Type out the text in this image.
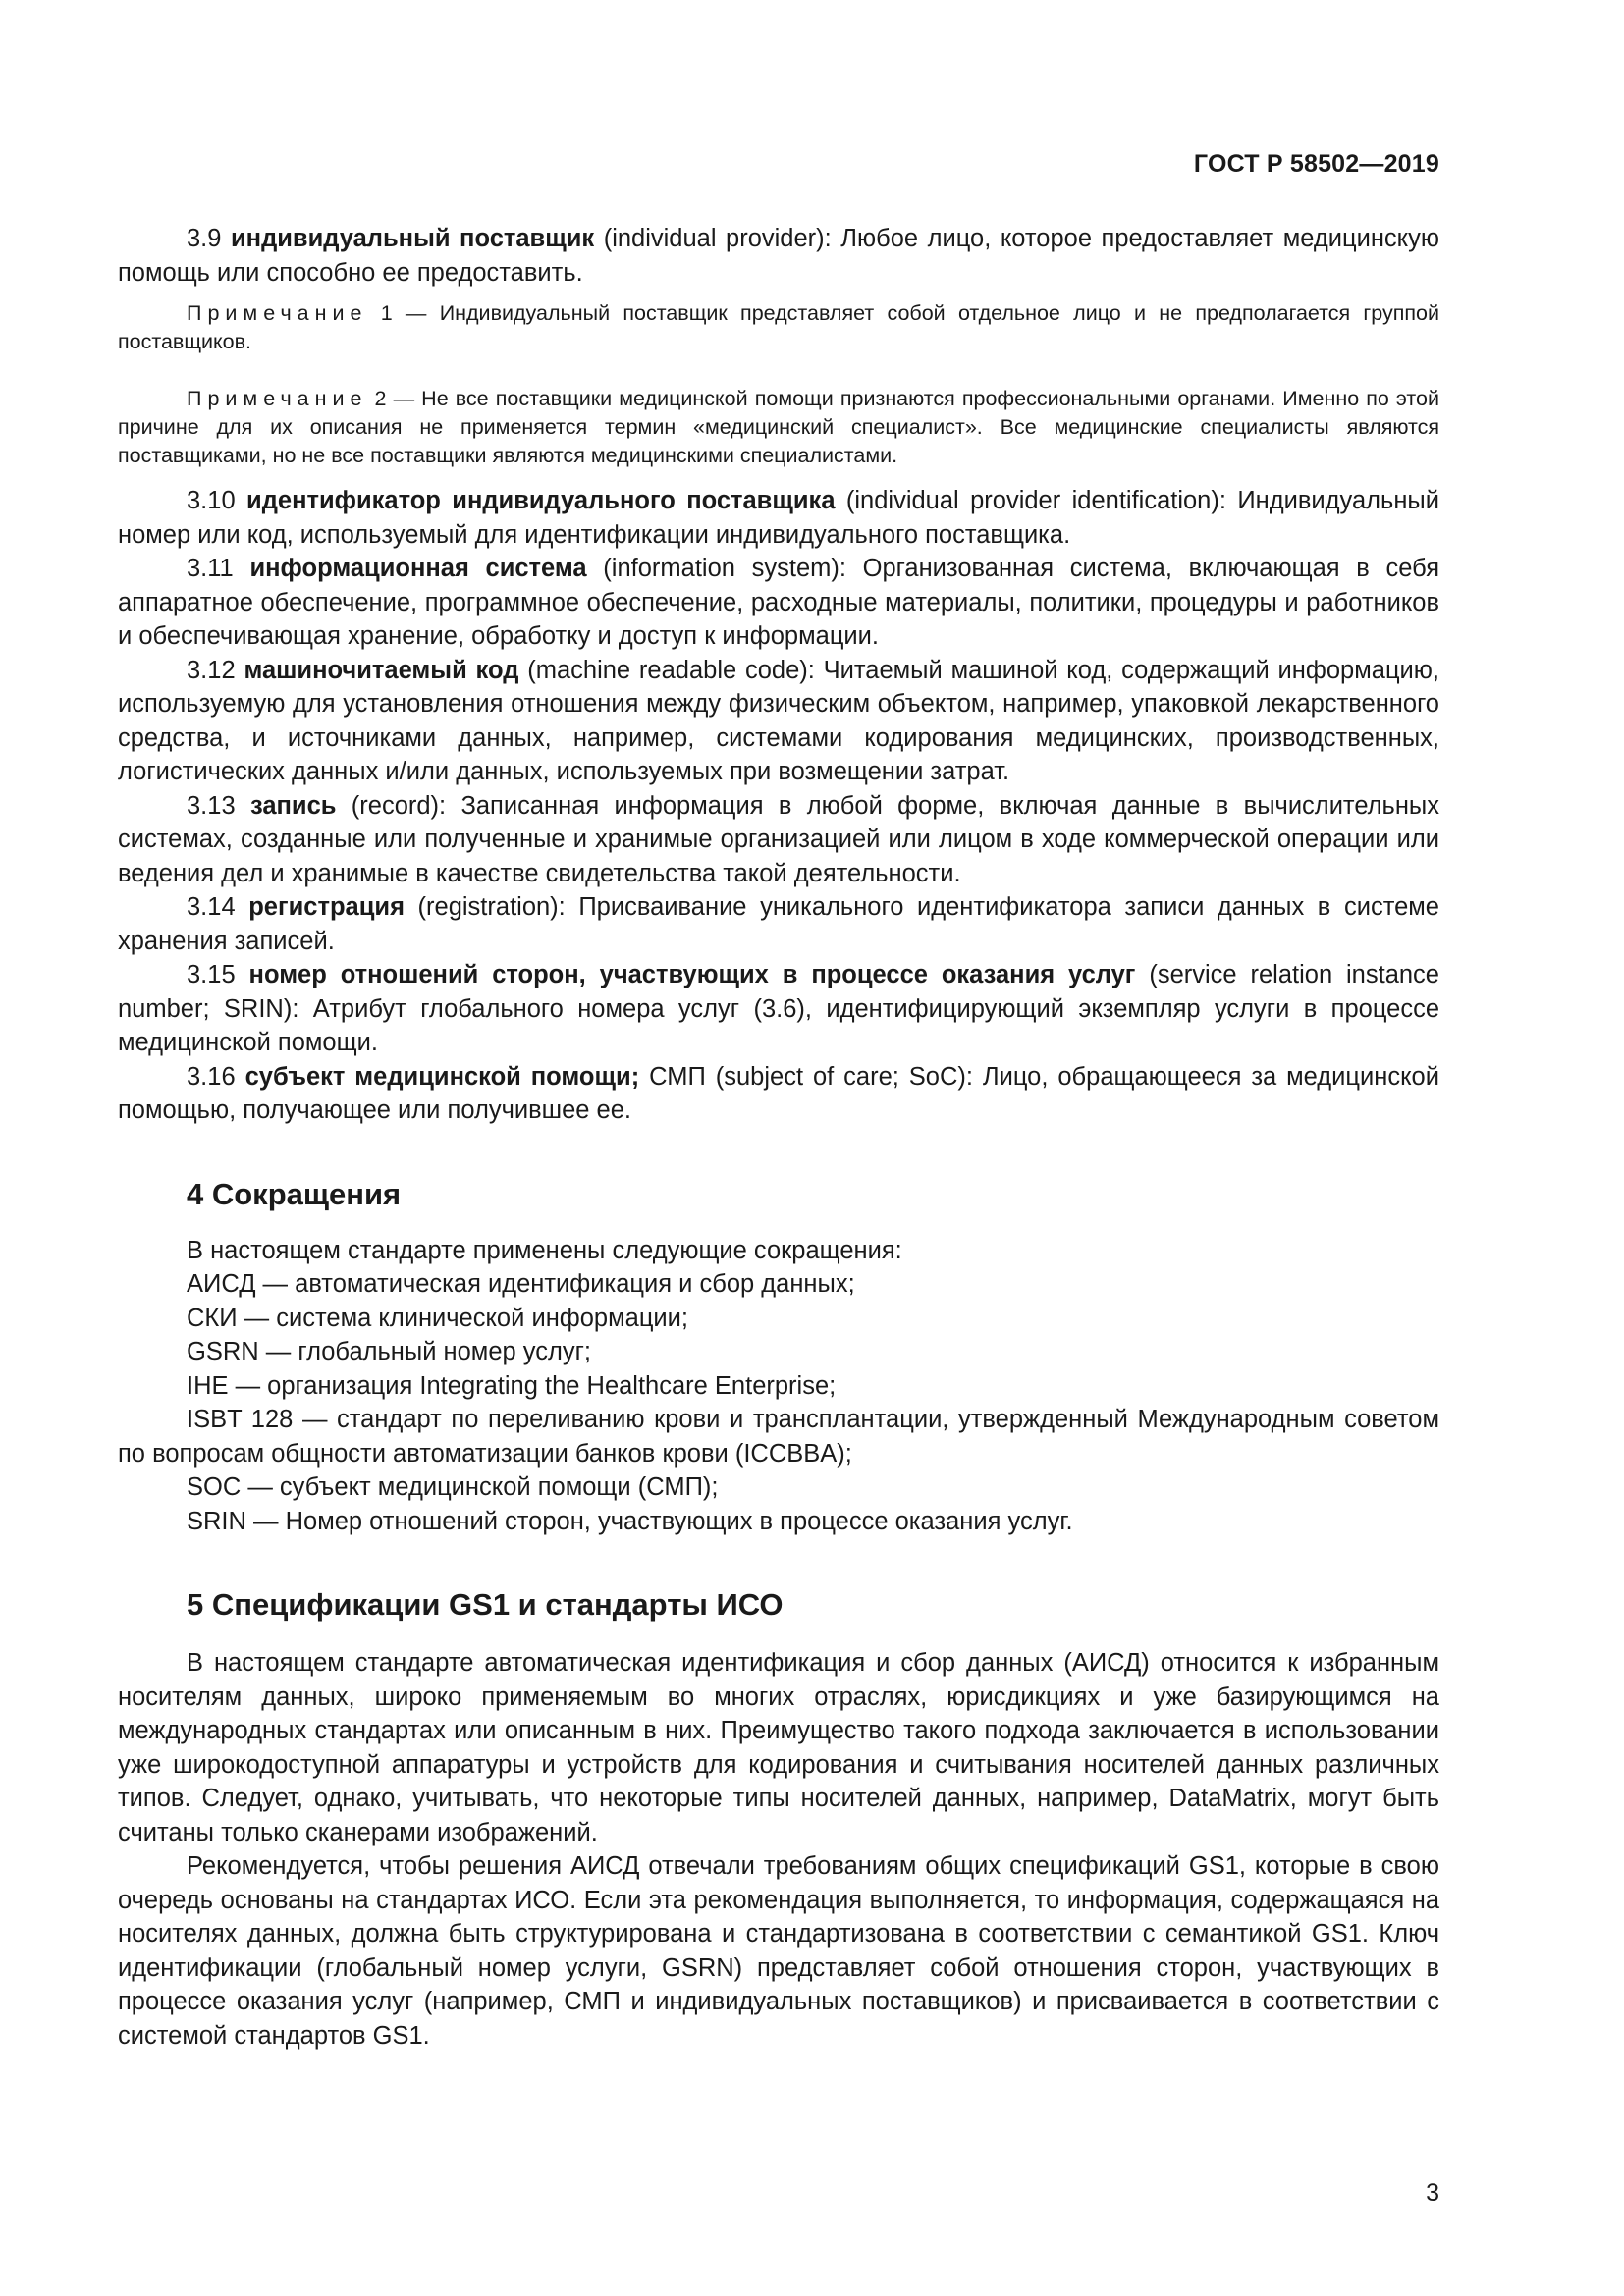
ГОСТ Р 58502—2019

3.9 индивидуальный поставщик (individual provider): Любое лицо, которое предоставляет медицинскую помощь или способно ее предоставить.

Примечание 1 — Индивидуальный поставщик представляет собой отдельное лицо и не предполагается группой поставщиков.

Примечание 2 — Не все поставщики медицинской помощи признаются профессиональными органами. Именно по этой причине для их описания не применяется термин «медицинский специалист». Все медицинские специалисты являются поставщиками, но не все поставщики являются медицинскими специалистами.

3.10 идентификатор индивидуального поставщика (individual provider identification): Индивидуальный номер или код, используемый для идентификации индивидуального поставщика.

3.11 информационная система (information system): Организованная система, включающая в себя аппаратное обеспечение, программное обеспечение, расходные материалы, политики, процедуры и работников и обеспечивающая хранение, обработку и доступ к информации.

3.12 машиночитаемый код (machine readable code): Читаемый машиной код, содержащий информацию, используемую для установления отношения между физическим объектом, например, упаковкой лекарственного средства, и источниками данных, например, системами кодирования медицинских, производственных, логистических данных и/или данных, используемых при возмещении затрат.

3.13 запись (record): Записанная информация в любой форме, включая данные в вычислительных системах, созданные или полученные и хранимые организацией или лицом в ходе коммерческой операции или ведения дел и хранимые в качестве свидетельства такой деятельности.

3.14 регистрация (registration): Присваивание уникального идентификатора записи данных в системе хранения записей.

3.15 номер отношений сторон, участвующих в процессе оказания услуг (service relation instance number; SRIN): Атрибут глобального номера услуг (3.6), идентифицирующий экземпляр услуги в процессе медицинской помощи.

3.16 субъект медицинской помощи; СМП (subject of care; SoC): Лицо, обращающееся за медицинской помощью, получающее или получившее ее.

4 Сокращения

В настоящем стандарте применены следующие сокращения:

АИСД — автоматическая идентификация и сбор данных;

СКИ — система клинической информации;

GSRN — глобальный номер услуг;

IHE — организация Integrating the Healthcare Enterprise;

ISBT 128 — стандарт по переливанию крови и трансплантации, утвержденный Международным советом по вопросам общности автоматизации банков крови (ICCBBA);

SOC — субъект медицинской помощи (СМП);

SRIN — Номер отношений сторон, участвующих в процессе оказания услуг.

5 Спецификации GS1 и стандарты ИСО

В настоящем стандарте автоматическая идентификация и сбор данных (АИСД) относится к избранным носителям данных, широко применяемым во многих отраслях, юрисдикциях и уже базирующимся на международных стандартах или описанным в них. Преимущество такого подхода заключается в использовании уже широкодоступной аппаратуры и устройств для кодирования и считывания носителей данных различных типов. Следует, однако, учитывать, что некоторые типы носителей данных, например, DataMatrix, могут быть считаны только сканерами изображений.

Рекомендуется, чтобы решения АИСД отвечали требованиям общих спецификаций GS1, которые в свою очередь основаны на стандартах ИСО. Если эта рекомендация выполняется, то информация, содержащаяся на носителях данных, должна быть структурирована и стандартизована в соответствии с семантикой GS1. Ключ идентификации (глобальный номер услуги, GSRN) представляет собой отношения сторон, участвующих в процессе оказания услуг (например, СМП и индивидуальных поставщиков) и присваивается в соответствии с системой стандартов GS1.

3
